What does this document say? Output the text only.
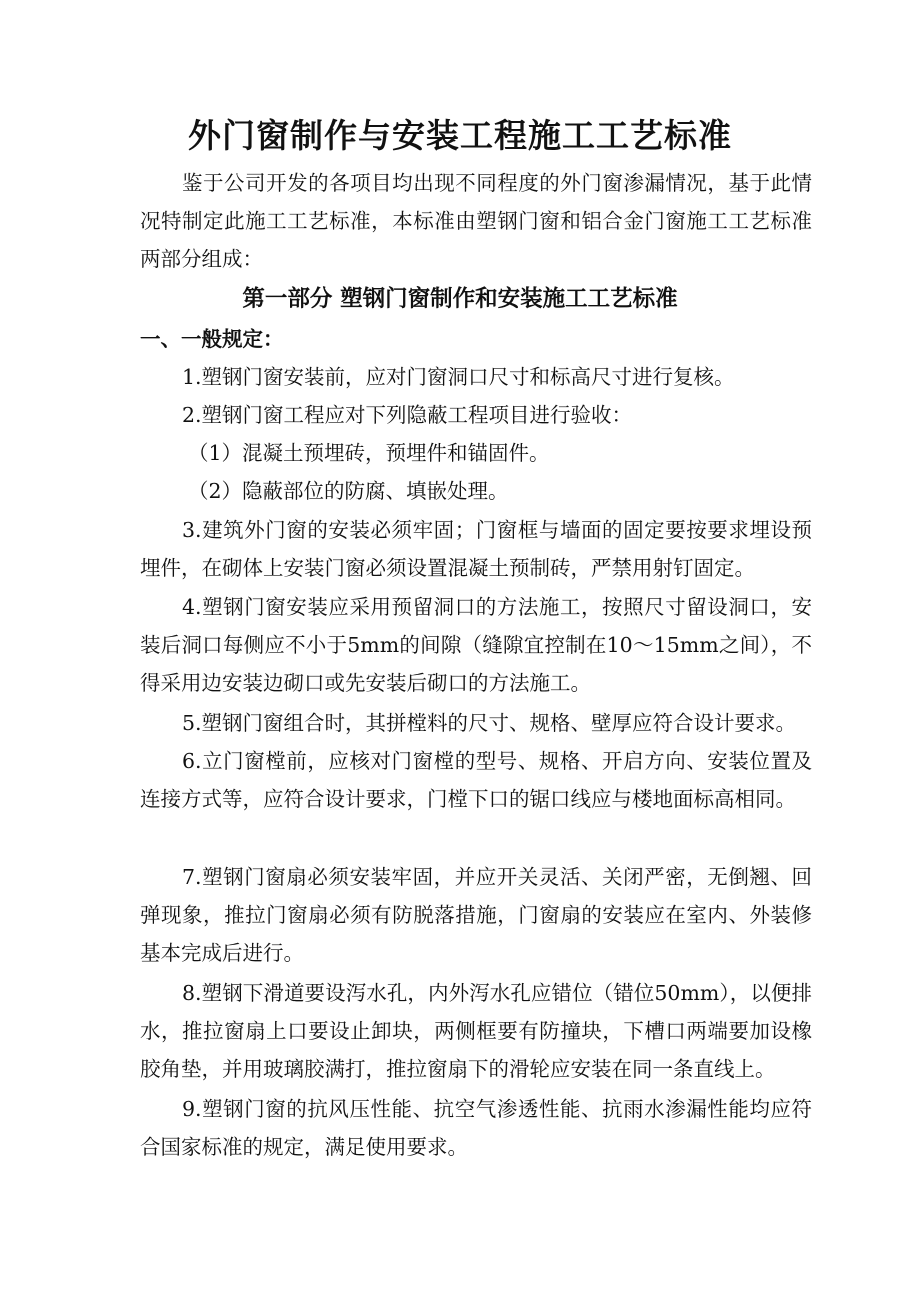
外门窗制作与安装工程施工工艺标准
鉴于公司开发的各项目均出现不同程度的外门窗渗漏情况，基于此情况特制定此施工工艺标准，本标准由塑钢门窗和铝合金门窗施工工艺标准两部分组成：
第一部分 塑钢门窗制作和安装施工工艺标准
一、一般规定：
1.塑钢门窗安装前，应对门窗洞口尺寸和标高尺寸进行复核。
2.塑钢门窗工程应对下列隐蔽工程项目进行验收：
（1）混凝土预埋砖，预埋件和锚固件。
（2）隐蔽部位的防腐、填嵌处理。
3.建筑外门窗的安装必须牢固；门窗框与墙面的固定要按要求埋设预埋件，在砌体上安装门窗必须设置混凝土预制砖，严禁用射钉固定。
4.塑钢门窗安装应采用预留洞口的方法施工，按照尺寸留设洞口，安装后洞口每侧应不小于5mm的间隙（缝隙宜控制在10～15mm之间），不得采用边安装边砌口或先安装后砌口的方法施工。
5.塑钢门窗组合时，其拼樘料的尺寸、规格、壁厚应符合设计要求。
6.立门窗樘前，应核对门窗樘的型号、规格、开启方向、安装位置及连接方式等，应符合设计要求，门樘下口的锯口线应与楼地面标高相同。
7.塑钢门窗扇必须安装牢固，并应开关灵活、关闭严密，无倒翘、回弹现象，推拉门窗扇必须有防脱落措施，门窗扇的安装应在室内、外装修基本完成后进行。
8.塑钢下滑道要设泻水孔，内外泻水孔应错位（错位50mm），以便排水，推拉窗扇上口要设止卸块，两侧框要有防撞块，下槽口两端要加设橡胶角垫，并用玻璃胶满打，推拉窗扇下的滑轮应安装在同一条直线上。
9.塑钢门窗的抗风压性能、抗空气渗透性能、抗雨水渗漏性能均应符合国家标准的规定，满足使用要求。
